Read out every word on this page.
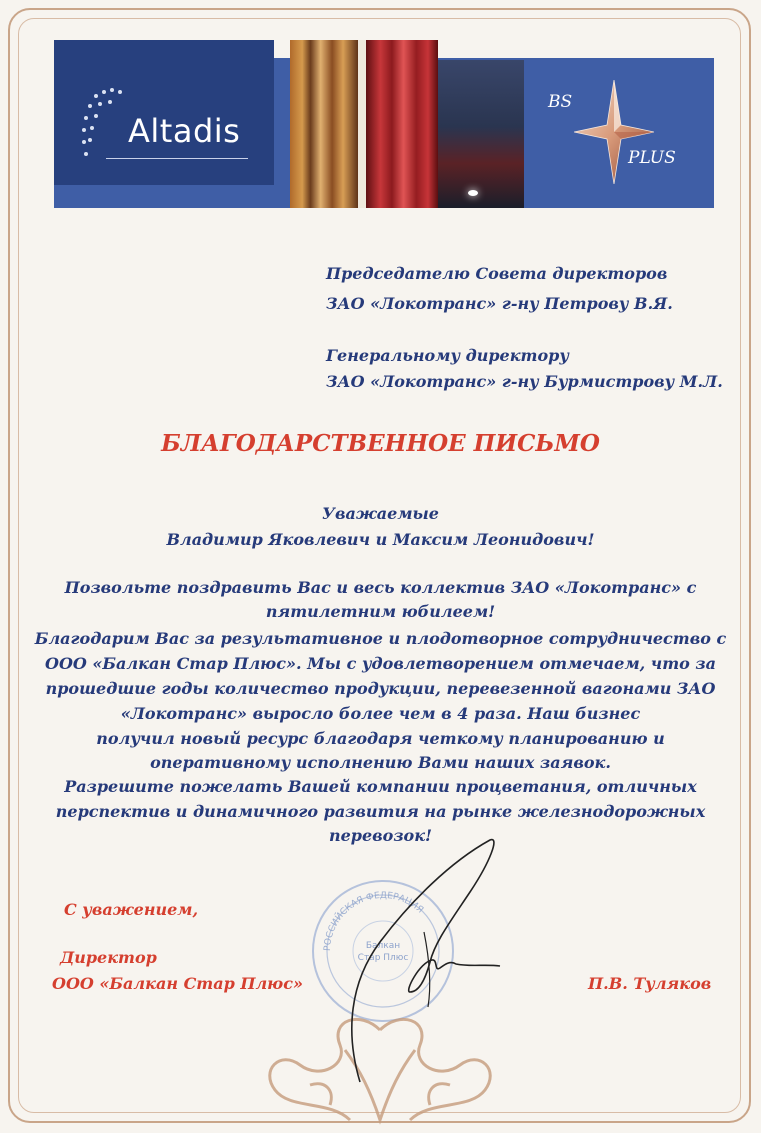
Altadis
BS
PLUS
Председателю Совета директоров
ЗАО «Локотранс» г-ну Петрову В.Я.
Генеральному директору
ЗАО «Локотранс» г-ну Бурмистрову М.Л.
БЛАГОДАРСТВЕННОЕ ПИСЬМО
Уважаемые
Владимир Яковлевич и Максим Леонидович!
Позвольте поздравить Вас и весь коллектив ЗАО «Локотранс» с
пятилетним юбилеем!
Благодарим Вас за результативное и плодотворное сотрудничество с
ООО «Балкан Стар Плюс». Мы с удовлетворением отмечаем, что за
прошедшие годы количество продукции, перевезенной вагонами ЗАО
«Локотранс» выросло более чем в 4 раза. Наш бизнес
получил новый ресурс благодаря четкому планированию и
оперативному исполнению Вами наших заявок.
Разрешите пожелать Вашей компании процветания, отличных
перспектив и динамичного развития на рынке железнодорожных
перевозок!
РОССИЙСКАЯ ФЕДЕРАЦИЯ
Балкан
Стар Плюс
С уважением,
Директор
ООО «Балкан Стар Плюс»	П.В. Туляков
